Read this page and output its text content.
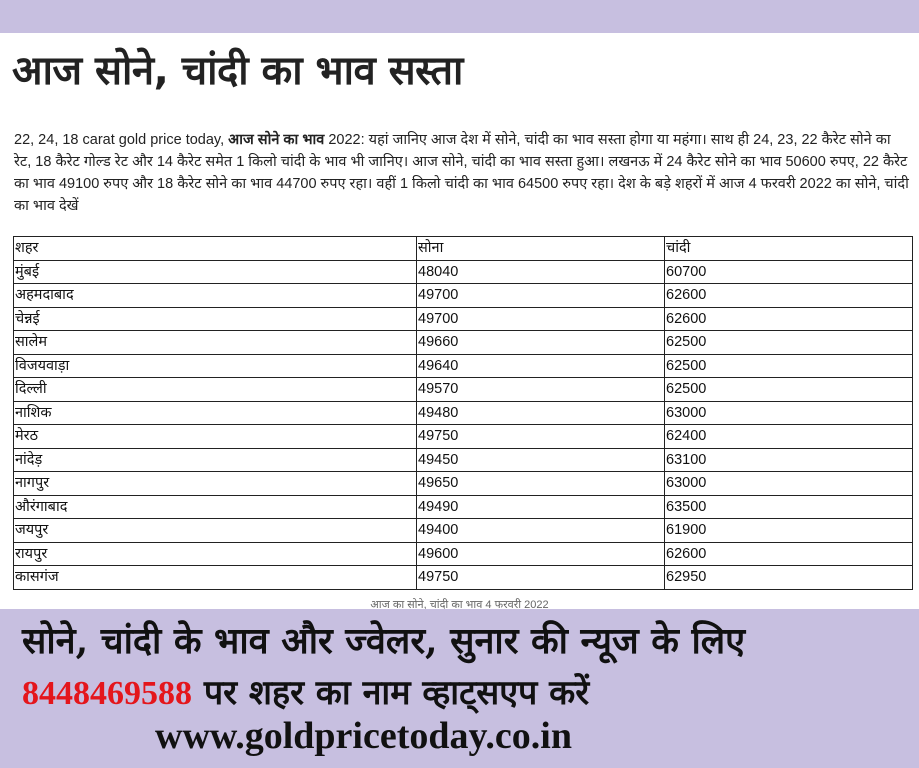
आज सोने, चांदी का भाव सस्ता

22, 24, 18 carat gold price today, आज सोने का भाव 2022: यहां जानिए आज देश में सोने, चांदी का भाव सस्ता होगा या महंगा। साथ ही 24, 23, 22 कैरेट सोने का रेट, 18 कैरेट गोल्ड रेट और 14 कैरेट समेत 1 किलो चांदी के भाव भी जानिए। आज सोने, चांदी का भाव सस्ता हुआ। लखनऊ में 24 कैरेट सोने का भाव 50600 रुपए, 22 कैरेट का भाव 49100 रुपए और 18 कैरेट सोने का भाव 44700 रुपए रहा। वहीं 1 किलो चांदी का भाव 64500 रुपए रहा। देश के बड़े शहरों में आज 4 फरवरी 2022 का सोने, चांदी का भाव देखें

शहर	सोना	चांदी
मुंबई	48040	60700
अहमदाबाद	49700	62600
चेन्नई	49700	62600
सालेम	49660	62500
विजयवाड़ा	49640	62500
दिल्ली	49570	62500
नाशिक	49480	63000
मेरठ	49750	62400
नांदेड़	49450	63100
नागपुर	49650	63000
औरंगाबाद	49490	63500
जयपुर	49400	61900
रायपुर	49600	62600
कासगंज	49750	62950
आज का सोने, चांदी का भाव 4 फरवरी 2022
सोने, चांदी के भाव और ज्वेलर, सुनार की न्यूज के लिए
8448469588 पर शहर का नाम व्हाट्सएप करें
www.goldpricetoday.co.in
